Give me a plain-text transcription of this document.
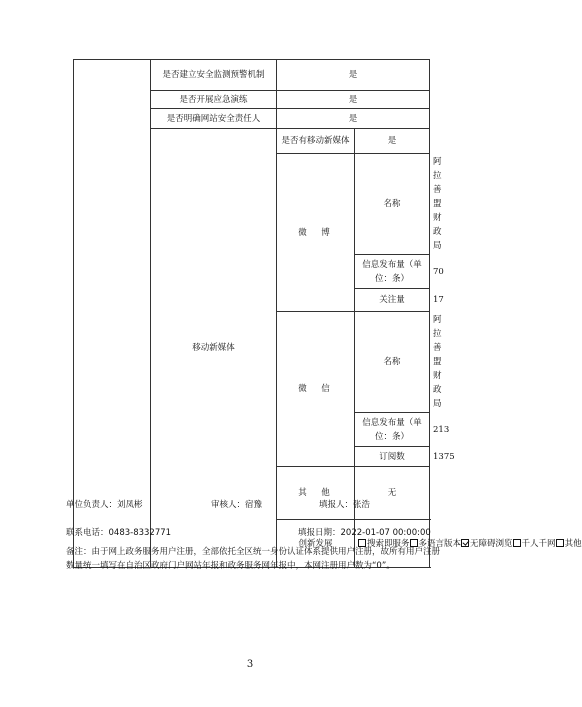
	是否建立安全监测预警机制	是		
	是否开展应急演练	是		
	是否明确网站安全责任人	是		
	移动新媒体	是否有移动新媒体	是	
		微　博	名称	阿拉善盟财政局
			信息发布量（单位：条）	70
			关注量	17
		微　信	名称	阿拉善盟财政局
			信息发布量（单位：条）	213
			订阅数	1375
		其　他	无	
		创新发展	搜索即服务 多语言版本 无障碍浏览 千人千网 其他	
单位负责人：刘凤彬	审核人：宿豫	填报人：张浩
联系电话：0483-8332771	填报日期：2022-01-07 00:00:00
备注：由于网上政务服务用户注册，全部依托全区统一身份认证体系提供用户注册，故所有用户注册数量统一填写在自治区政府门户网站年报和政务服务网年报中，本网注册用户数为“0”。
3
